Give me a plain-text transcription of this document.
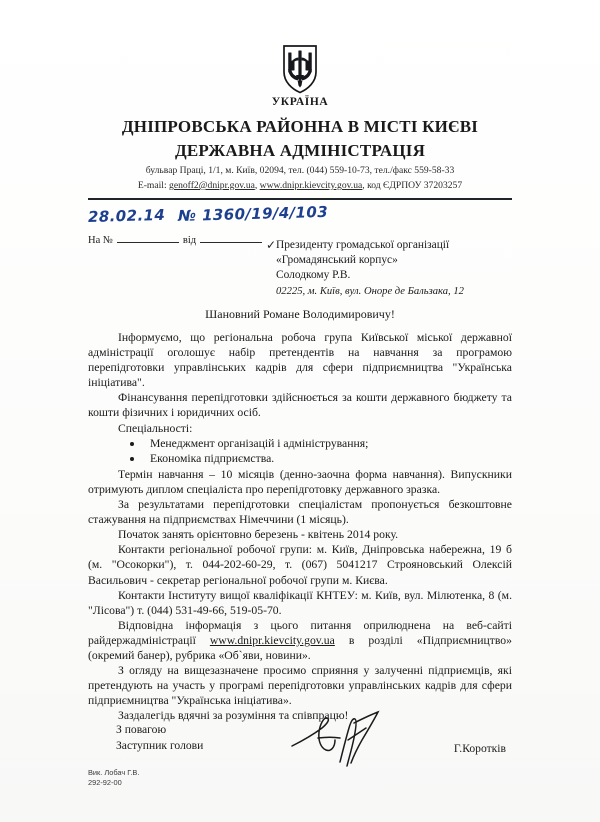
УКРАЇНА
ДНІПРОВСЬКА РАЙОННА В МІСТІ КИЄВІ
ДЕРЖАВНА АДМІНІСТРАЦІЯ
бульвар Праці, 1/1, м. Київ, 02094, тел. (044) 559-10-73, тел./факс 559-58-33
E-mail: genoff2@dnipr.gov.ua, www.dnipr.kievcity.gov.ua, код ЄДРПОУ 37203257
28.02.14 № 1360/19/4/103
На №	від	✓ Президенту громадської організації
«Громадянський корпус»
Солодкому Р.В.
02225, м. Київ, вул. Оноре де Бальзака, 12
Шановний Романе Володимировичу!

Інформуємо, що регіональна робоча група Київської міської державної адміністрації оголошує набір претендентів на навчання за програмою перепідготовки управлінських кадрів для сфери підприємництва "Українська ініціатива".

Фінансування перепідготовки здійснюється за кошти державного бюджету та кошти фізичних і юридичних осіб.

Спеціальності:

Менеджмент організацій і адміністрування;
Економіка підприємства.

Термін навчання – 10 місяців (денно-заочна форма навчання). Випускники отримують диплом спеціаліста про перепідготовку державного зразка.

За результатами перепідготовки спеціалістам пропонується безкоштовне стажування на підприємствах Німеччини (1 місяць).

Початок занять орієнтовно березень - квітень 2014 року.

Контакти регіональної робочої групи: м. Київ, Дніпровська набережна, 19 б (м. "Осокорки"), т. 044-202-60-29, т. (067) 5041217 Строяновський Олексій Васильович - секретар регіональної робочої групи м. Києва.

Контакти Інституту вищої кваліфікації КНТЕУ: м. Київ, вул. Мілютенка, 8 (м. "Лісова") т. (044) 531-49-66, 519-05-70.

Відповідна інформація з цього питання оприлюднена на веб-сайті райдержадміністрації www.dnipr.kievcity.gov.ua в розділі «Підприємництво» (окремий банер), рубрика «Об`яви, новини».

З огляду на вищезазначене просимо сприяння у залученні підприємців, які претендують на участь у програмі перепідготовки управлінських кадрів для сфери підприємництва "Українська ініціатива».

Заздалегідь вдячні за розуміння та співпрацю!

З повагою
Заступник голови	Г.Коротків
Вик. Лобач Г.В.
292-92-00
